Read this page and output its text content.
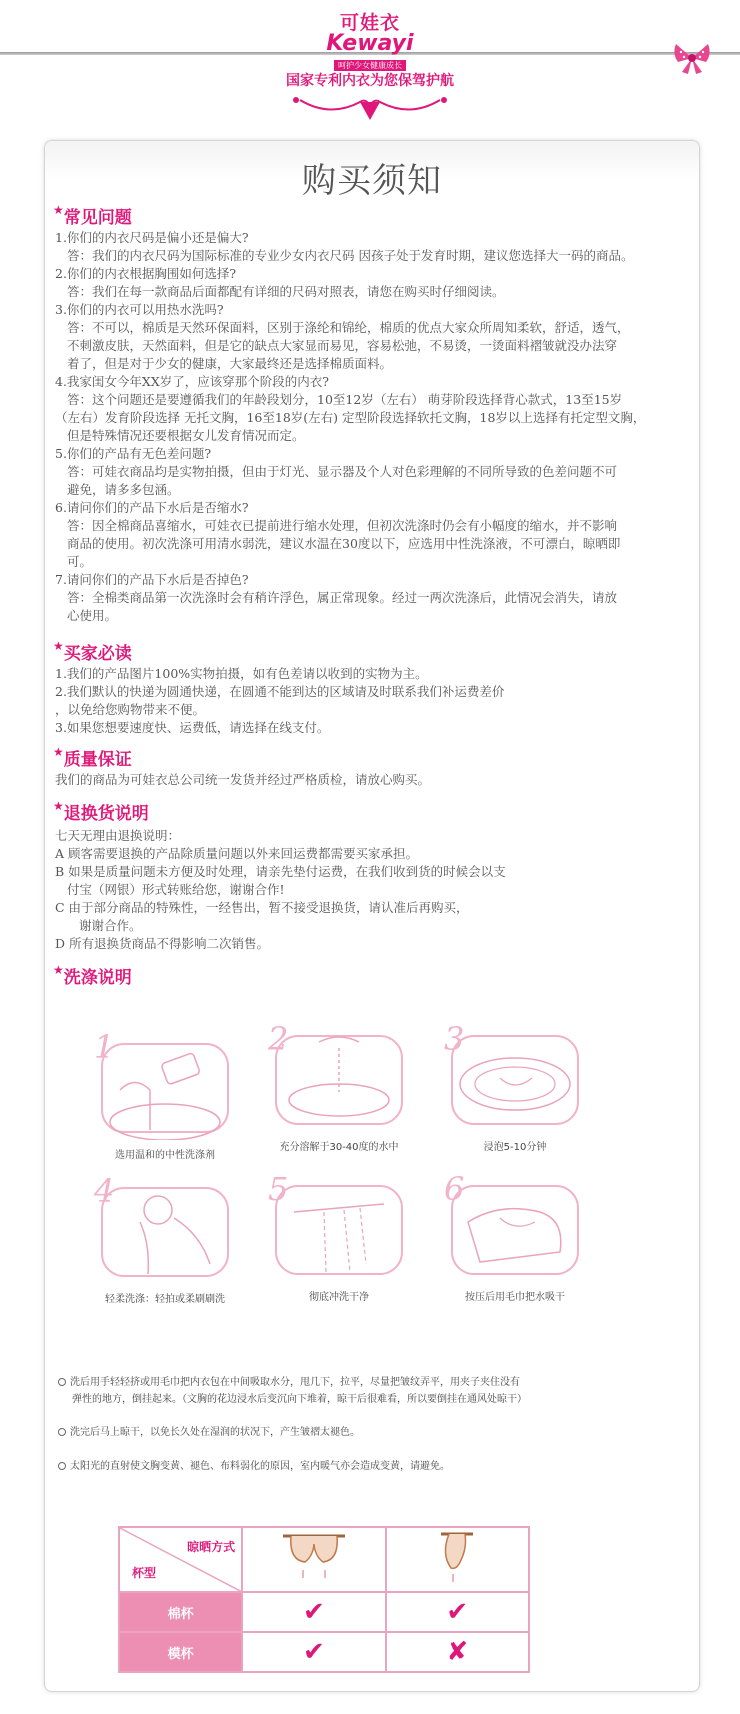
可娃衣
Kewayi
呵护少女健康成长
国家专利内衣为您保驾护航
购买须知
★常见问题

1.你们的内衣尺码是偏小还是偏大?

答：我们的内衣尺码为国际标准的专业少女内衣尺码 因孩子处于发育时期，建议您选择大一码的商品。

2.你们的内衣根据胸围如何选择?

答：我们在每一款商品后面都配有详细的尺码对照表，请您在购买时仔细阅读。

3.你们的内衣可以用热水洗吗?

答：不可以，棉质是天然环保面料，区别于涤纶和锦纶，棉质的优点大家众所周知柔软，舒适，透气，

不刺激皮肤，天然面料，但是它的缺点大家显而易见，容易松弛，不易烫，一烫面料褶皱就没办法穿

着了，但是对于少女的健康，大家最终还是选择棉质面料。

4.我家闺女今年XX岁了，应该穿那个阶段的内衣?

答：这个问题还是要遵循我们的年龄段划分，10至12岁（左右） 萌芽阶段选择背心款式，13至15岁

（左右）发育阶段选择 无托文胸，16至18岁(左右) 定型阶段选择软托文胸，18岁以上选择有托定型文胸，

但是特殊情况还要根据女儿发育情况而定。

5.你们的产品有无色差问题?

答：可娃衣商品均是实物拍摄，但由于灯光、显示器及个人对色彩理解的不同所导致的色差问题不可

避免，请多多包涵。

6.请问你们的产品下水后是否缩水?

答：因全棉商品喜缩水，可娃衣已提前进行缩水处理，但初次洗涤时仍会有小幅度的缩水，并不影响

商品的使用。初次洗涤可用清水弱洗，建议水温在30度以下，应选用中性洗涤液，不可漂白，晾晒即

可。

7.请问你们的产品下水后是否掉色?

答：全棉类商品第一次洗涤时会有稍许浮色，属正常现象。经过一两次洗涤后，此情况会消失，请放

心使用。

★买家必读

1.我们的产品图片100%实物拍摄，如有色差请以收到的实物为主。

2.我们默认的快递为圆通快递，在圆通不能到达的区域请及时联系我们补运费差价

，以免给您购物带来不便。

3.如果您想要速度快、运费低，请选择在线支付。

★质量保证
我们的商品为可娃衣总公司统一发货并经过严格质检，请放心购买。
★退换货说明

七天无理由退换说明：

A 顾客需要退换的产品除质量问题以外来回运费都需要买家承担。

B 如果是质量问题未方便及时处理，请亲先垫付运费，在我们收到货的时候会以支

付宝（网银）形式转账给您，谢谢合作!

C 由于部分商品的特殊性，一经售出，暂不接受退换货，请认准后再购买，

谢谢合作。

D 所有退换货商品不得影响二次销售。

★洗涤说明
1
选用温和的中性洗涤剂
2
充分溶解于30-40度的水中
3
浸泡5-10分钟
4
轻柔洗涤：轻拍或柔刷刷洗
5
彻底冲洗干净
6
按压后用毛巾把水吸干
洗后用手轻轻挤或用毛巾把内衣包在中间吸取水分，甩几下，拉平，尽量把皱纹弄平，用夹子夹住没有
弹性的地方，倒挂起来。（文胸的花边浸水后变沉向下堆着，晾干后很难看，所以要倒挂在通风处晾干）
洗完后马上晾干，以免长久处在湿润的状况下，产生皱褶太褪色。
太阳光的直射使文胸变黄、褪色、布料弱化的原因，室内暖气亦会造成变黄，请避免。
晾晒方式
杯型

棉杯	✔	✔
模杯	✔	✘
